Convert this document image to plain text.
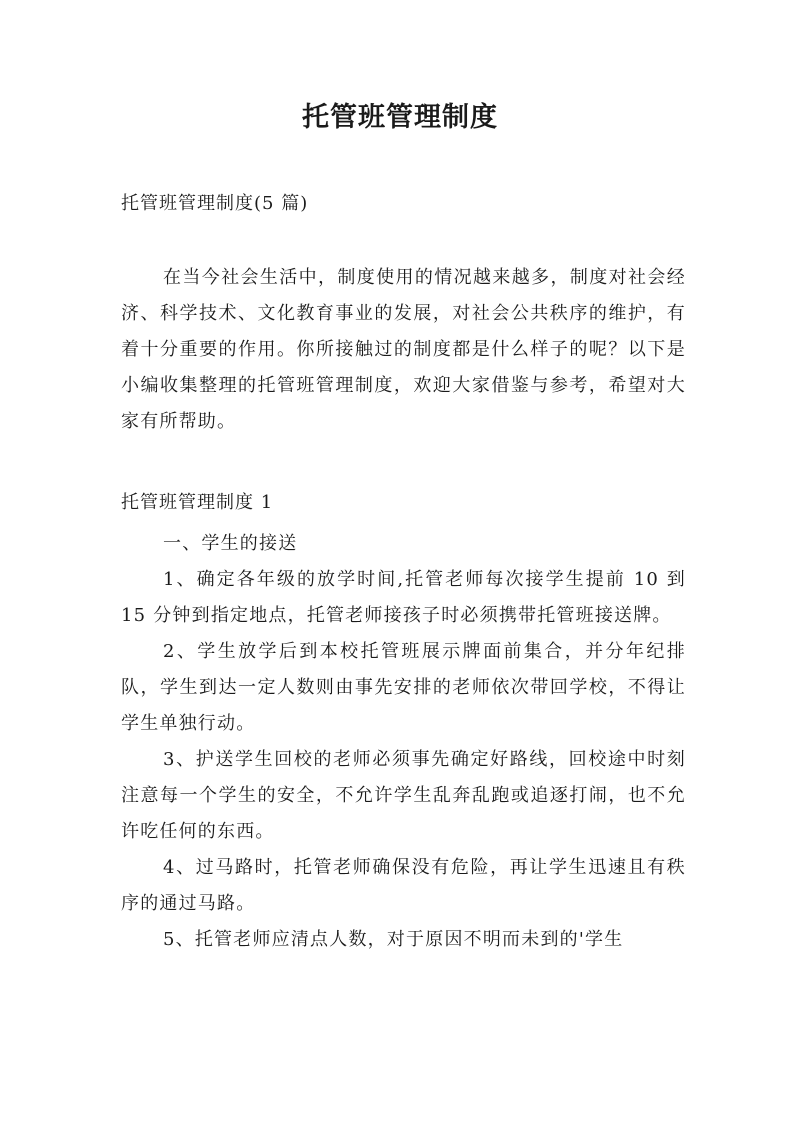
托管班管理制度
托管班管理制度(5 篇)

在当今社会生活中，制度使用的情况越来越多，制度对社会经济、科学技术、文化教育事业的发展，对社会公共秩序的维护，有着十分重要的作用。你所接触过的制度都是什么样子的呢？以下是小编收集整理的托管班管理制度，欢迎大家借鉴与参考，希望对大家有所帮助。

托管班管理制度 1

一、学生的接送

1、确定各年级的放学时间,托管老师每次接学生提前 10 到 15 分钟到指定地点，托管老师接孩子时必须携带托管班接送牌。

2、学生放学后到本校托管班展示牌面前集合，并分年纪排队，学生到达一定人数则由事先安排的老师依次带回学校，不得让学生单独行动。

3、护送学生回校的老师必须事先确定好路线，回校途中时刻注意每一个学生的安全，不允许学生乱奔乱跑或追逐打闹，也不允许吃任何的东西。

4、过马路时，托管老师确保没有危险，再让学生迅速且有秩序的通过马路。

5、托管老师应清点人数，对于原因不明而未到的'学生
